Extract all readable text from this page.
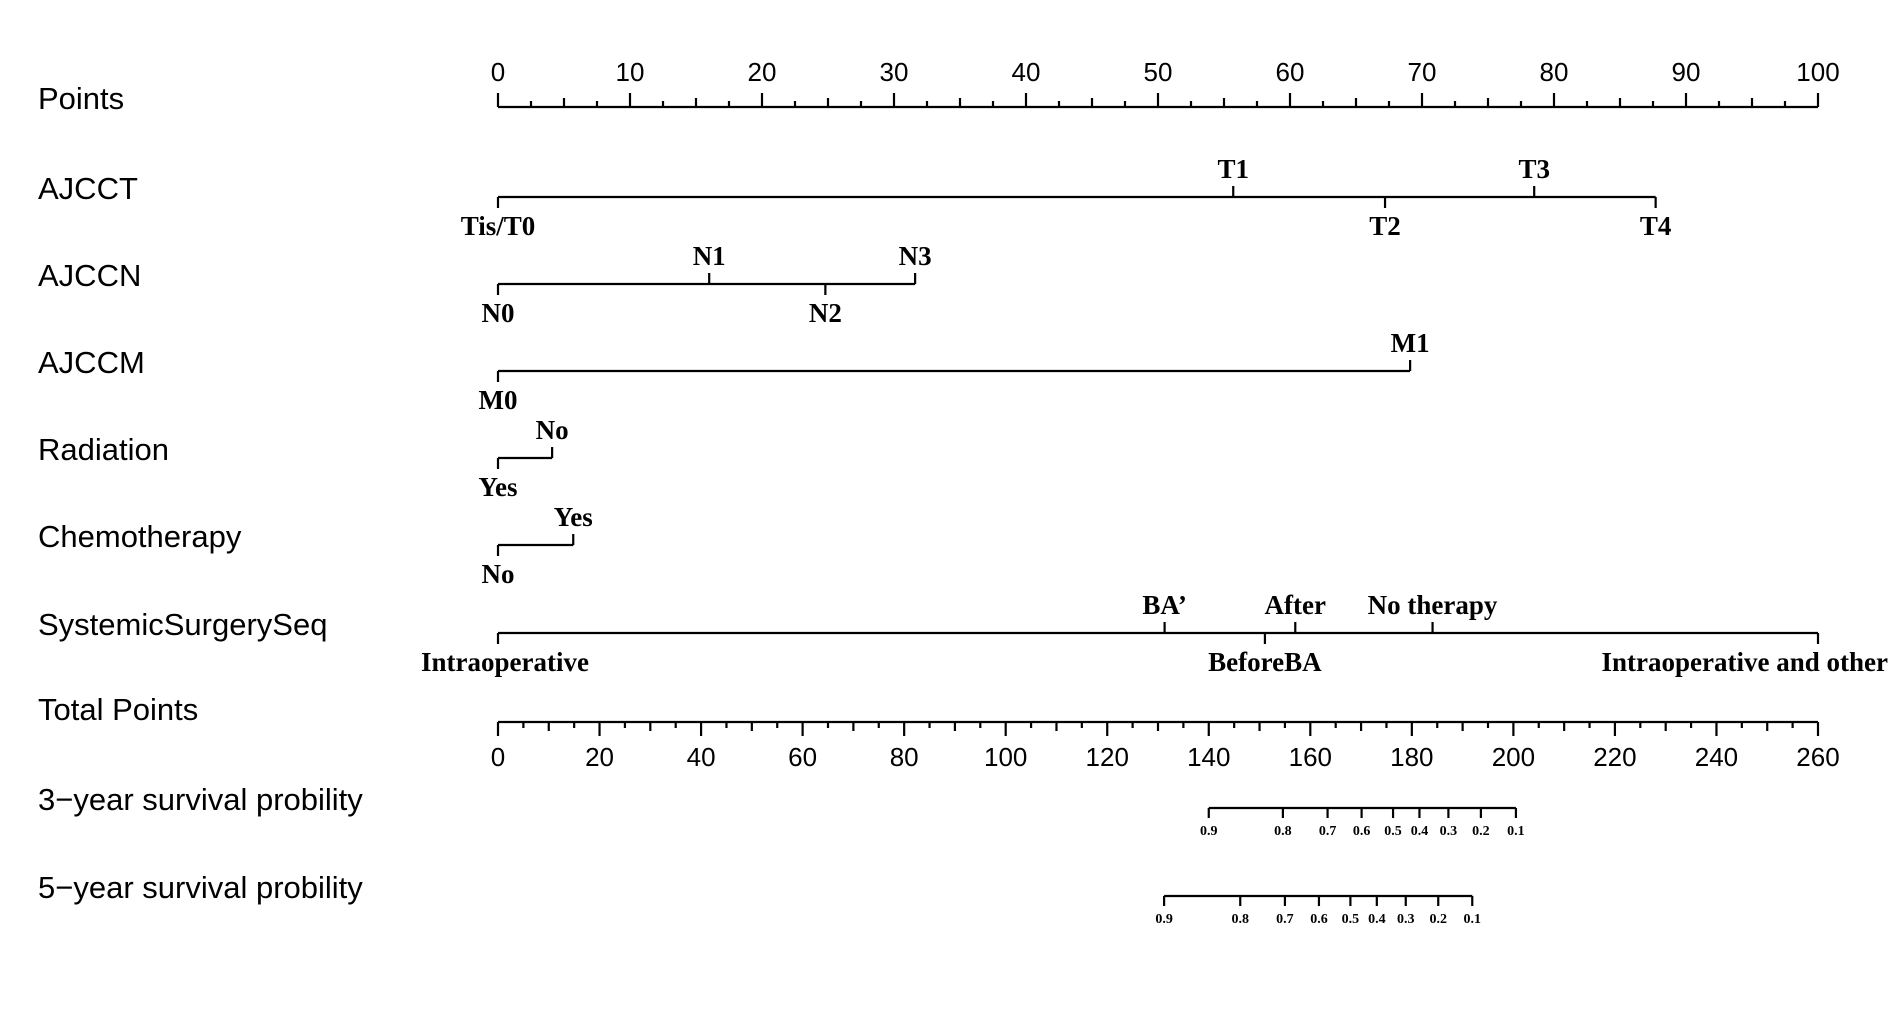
Points
0	10	20	30	40	50	60	70	80	90	100
AJCCT
Tis/T0
T1
T2
T3
T4
AJCCN
N0
N1
N2
N3
AJCCM
M0
M1
Radiation
Yes
No
Chemotherapy
No
Yes
SystemicSurgerySeq
Intraoperative
BA’
BeforeBA
After No therapy
Intraoperative and other
Total Points
0	20	40	60	80	100 120 140 160 180 200 220 240 260
3−year survival probility
0.9	0.8 0.7 0.6 0.5 0.4 0.3 0.2 0.1
5−year survival probility
0.9	0.8 0.7 0.6 0.5 0.4 0.3 0.2 0.1
